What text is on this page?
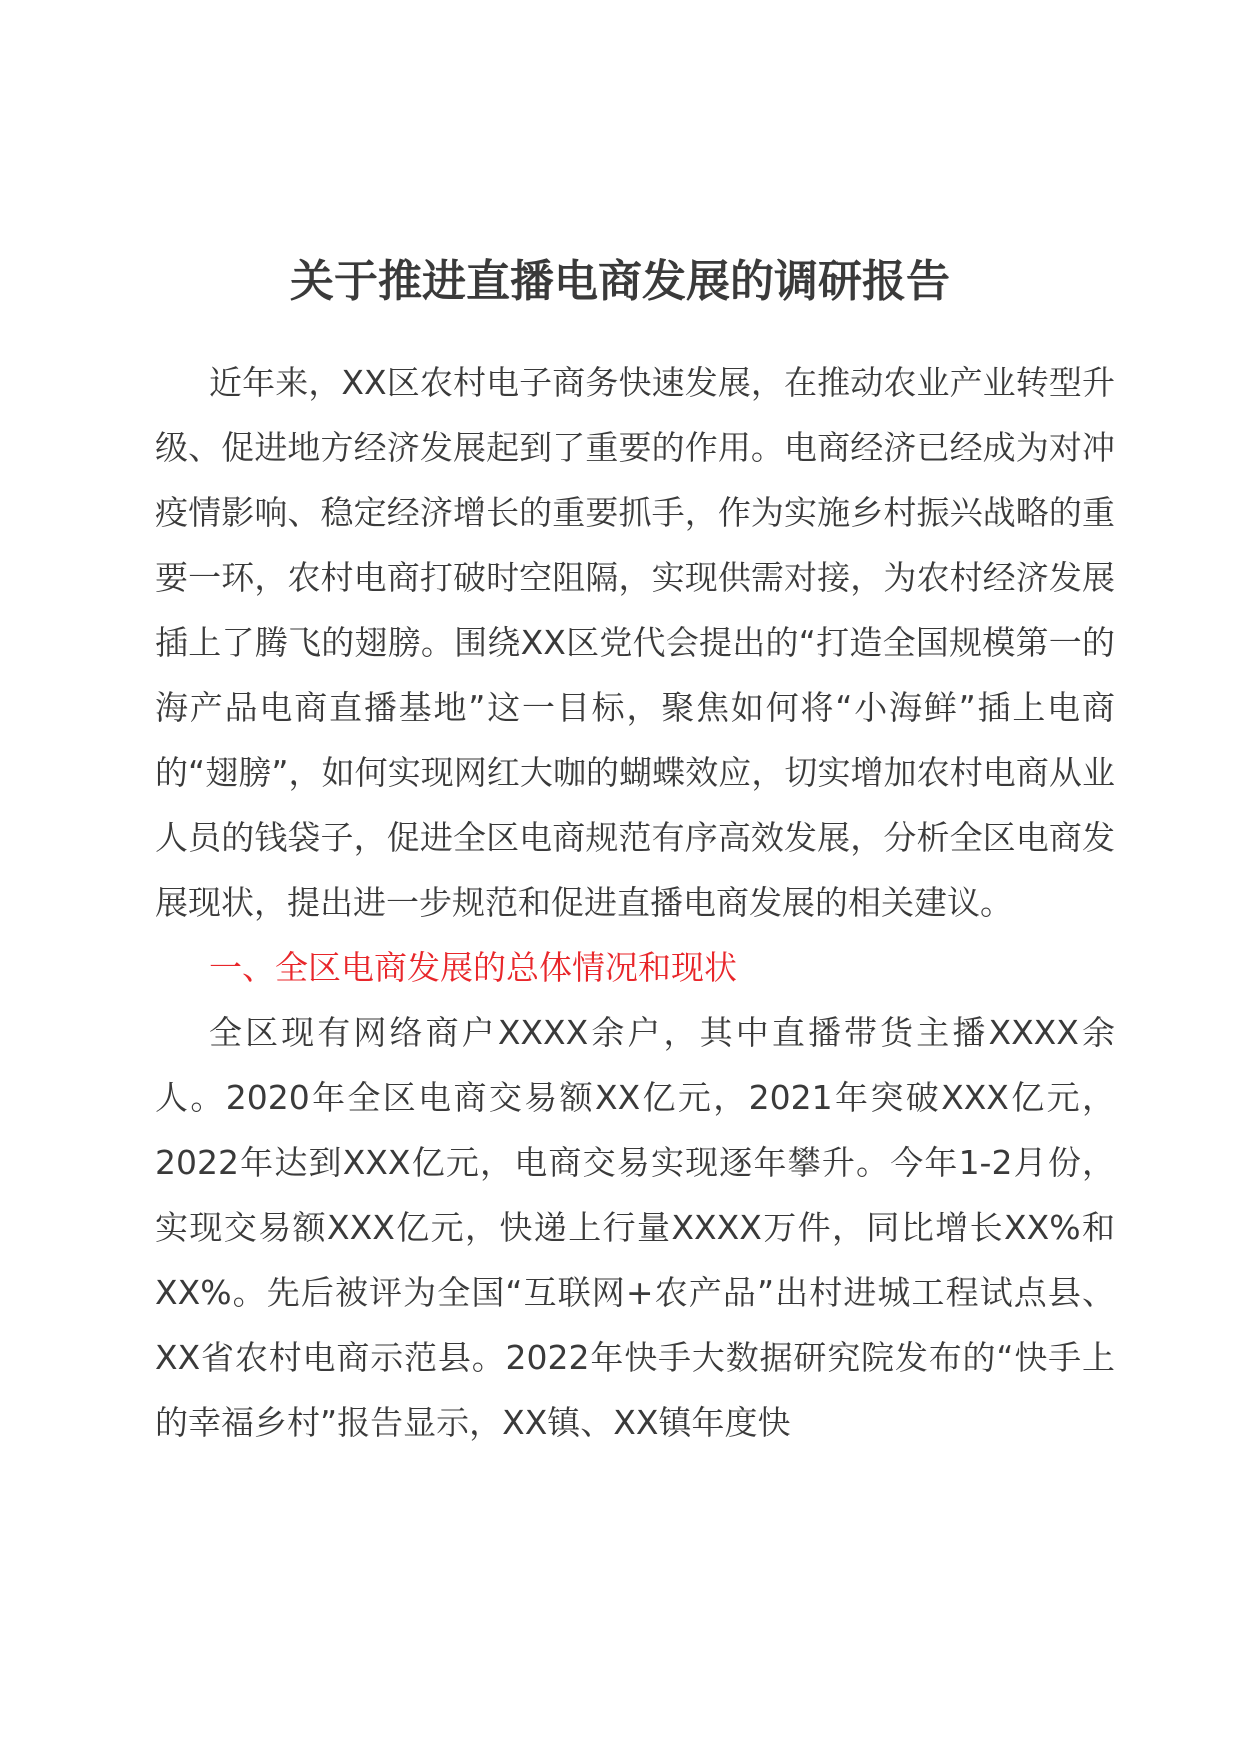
关于推进直播电商发展的调研报告

近年来，XX区农村电子商务快速发展，在推动农业产业转型升级、促进地方经济发展起到了重要的作用。电商经济已经成为对冲疫情影响、稳定经济增长的重要抓手，作为实施乡村振兴战略的重要一环，农村电商打破时空阻隔，实现供需对接，为农村经济发展插上了腾飞的翅膀。围绕XX区党代会提出的“打造全国规模第一的海产品电商直播基地”这一目标，聚焦如何将“小海鲜”插上电商的“翅膀”，如何实现网红大咖的蝴蝶效应，切实增加农村电商从业人员的钱袋子，促进全区电商规范有序高效发展，分析全区电商发展现状，提出进一步规范和促进直播电商发展的相关建议。

一、全区电商发展的总体情况和现状

全区现有网络商户XXXX余户，其中直播带货主播XXXX余人。2020年全区电商交易额XX亿元，2021年突破XXX亿元，2022年达到XXX亿元，电商交易实现逐年攀升。今年1-2月份，实现交易额XXX亿元，快递上行量XXXX万件，同比增长XX%和XX%。先后被评为全国“互联网+农产品”出村进城工程试点县、XX省农村电商示范县。2022年快手大数据研究院发布的“快手上的幸福乡村”报告显示，XX镇、XX镇年度快
